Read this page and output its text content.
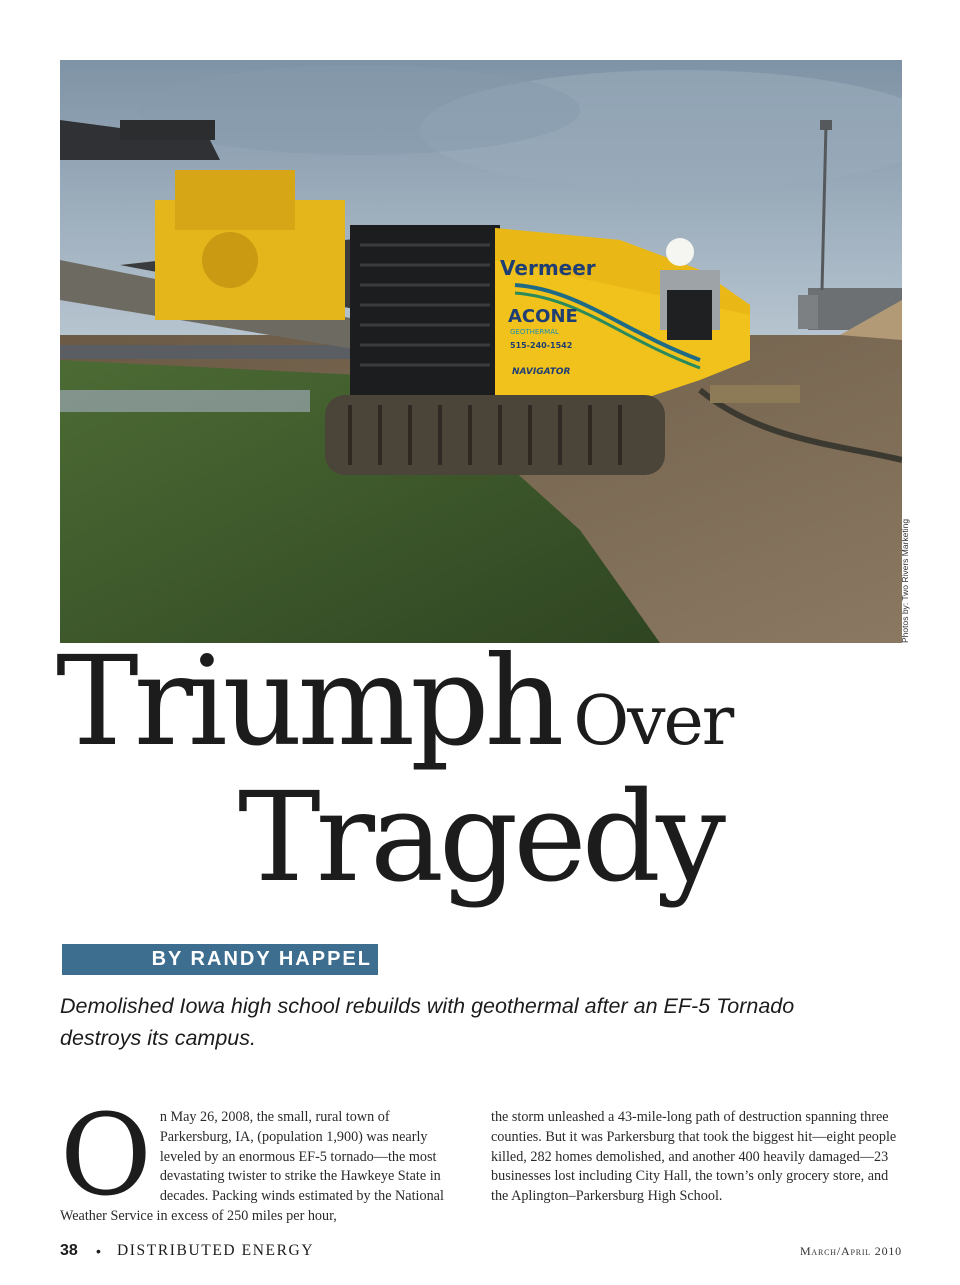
Vermeer
ACONE
GEOTHERMAL
515-240-1542
NAVIGATOR
Photos by: Two Rivers Marketing
Triumph Over
Tragedy
BY RANDY HAPPEL
Demolished Iowa high school rebuilds with geothermal after an EF-5 Tornado destroys its campus.
On May 26, 2008, the small, rural town of Parkersburg, IA, (population 1,900) was nearly leveled by an enormous EF-5 tornado—the most devastating twister to strike the Hawkeye State in decades. Packing winds estimated by the National Weather Service in excess of 250 miles per hour,
the storm unleashed a 43-mile-long path of destruction spanning three counties. But it was Parkersburg that took the biggest hit—eight people killed, 282 homes demolished, and another 400 heavily damaged—23 businesses lost including City Hall, the town’s only grocery store, and the Aplington–Parkersburg High School.
38 • DISTRIBUTED ENERGY	March/April 2010
